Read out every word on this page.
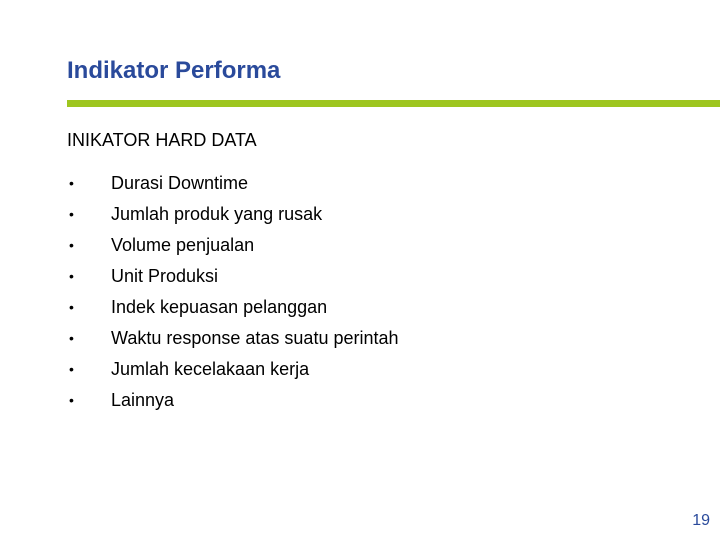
Indikator Performa
INIKATOR HARD DATA
•	Durasi Downtime
•	Jumlah produk yang rusak
•	Volume penjualan
•	Unit Produksi
•	Indek kepuasan pelanggan
•	Waktu response atas suatu perintah
•	Jumlah kecelakaan kerja
•	Lainnya
19
